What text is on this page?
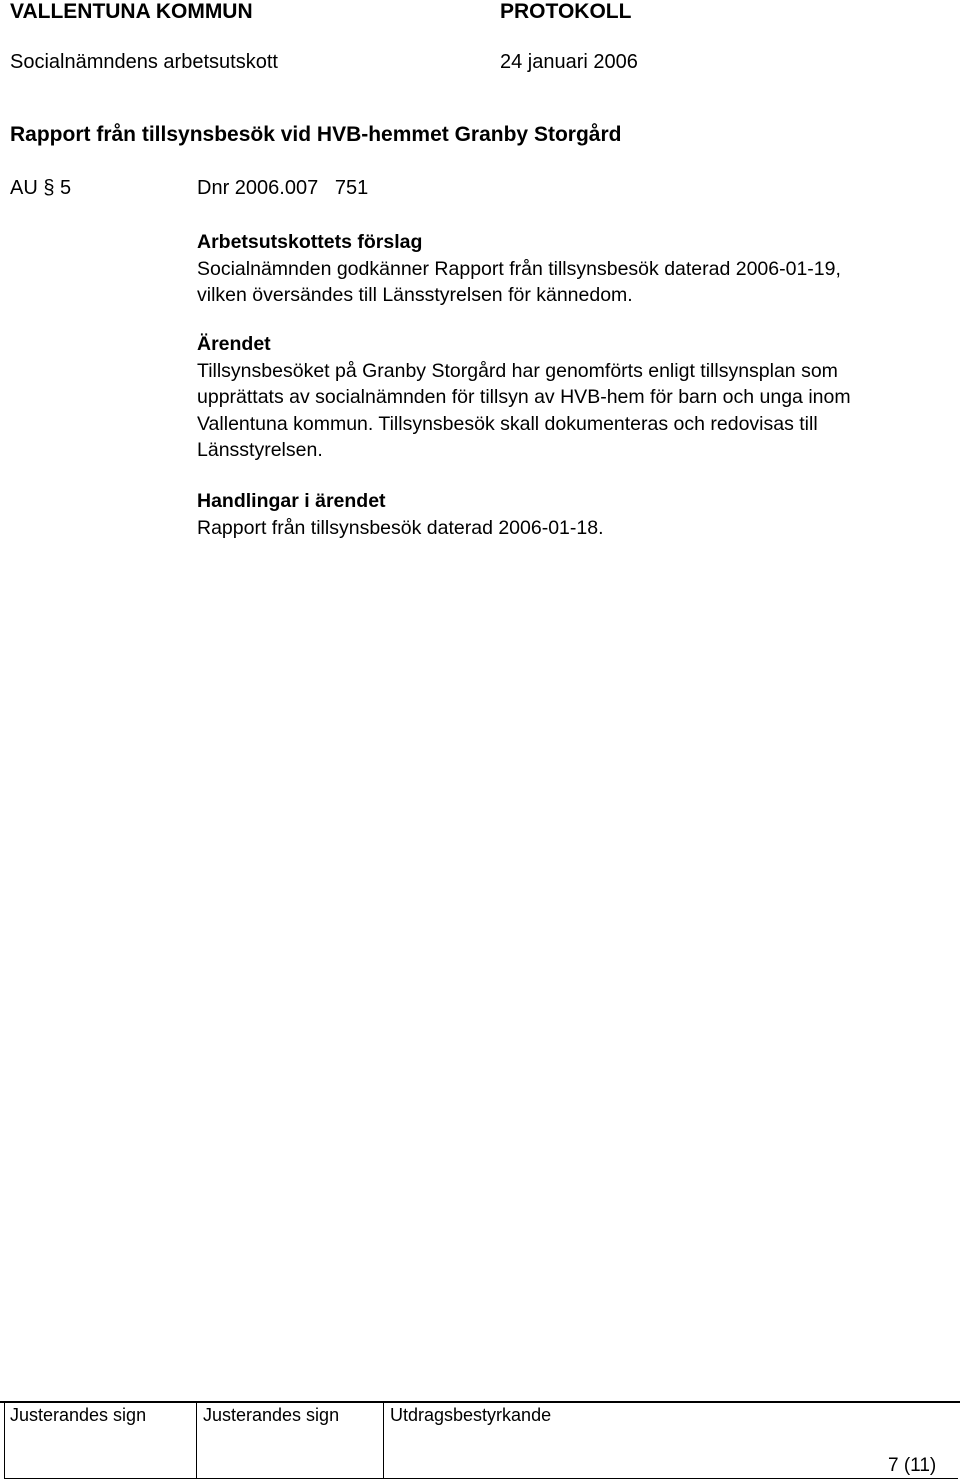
VALLENTUNA KOMMUN	PROTOKOLL
Socialnämndens arbetsutskott	24 januari 2006
Rapport från tillsynsbesök vid HVB-hemmet Granby Storgård
AU § 5	Dnr 2006.007   751

Arbetsutskottets förslag

Socialnämnden godkänner Rapport från tillsynsbesök daterad 2006-01-19,

vilken översändes till Länsstyrelsen för kännedom.

Ärendet

Tillsynsbesöket på Granby Storgård har genomförts enligt tillsynsplan som

upprättats av socialnämnden för tillsyn av HVB-hem för barn och unga inom

Vallentuna kommun. Tillsynsbesök skall dokumenteras och redovisas till

Länsstyrelsen.

Handlingar i ärendet

Rapport från tillsynsbesök daterad 2006-01-18.

Justerandes sign	Justerandes sign	Utdragsbestyrkande
7 (11)
